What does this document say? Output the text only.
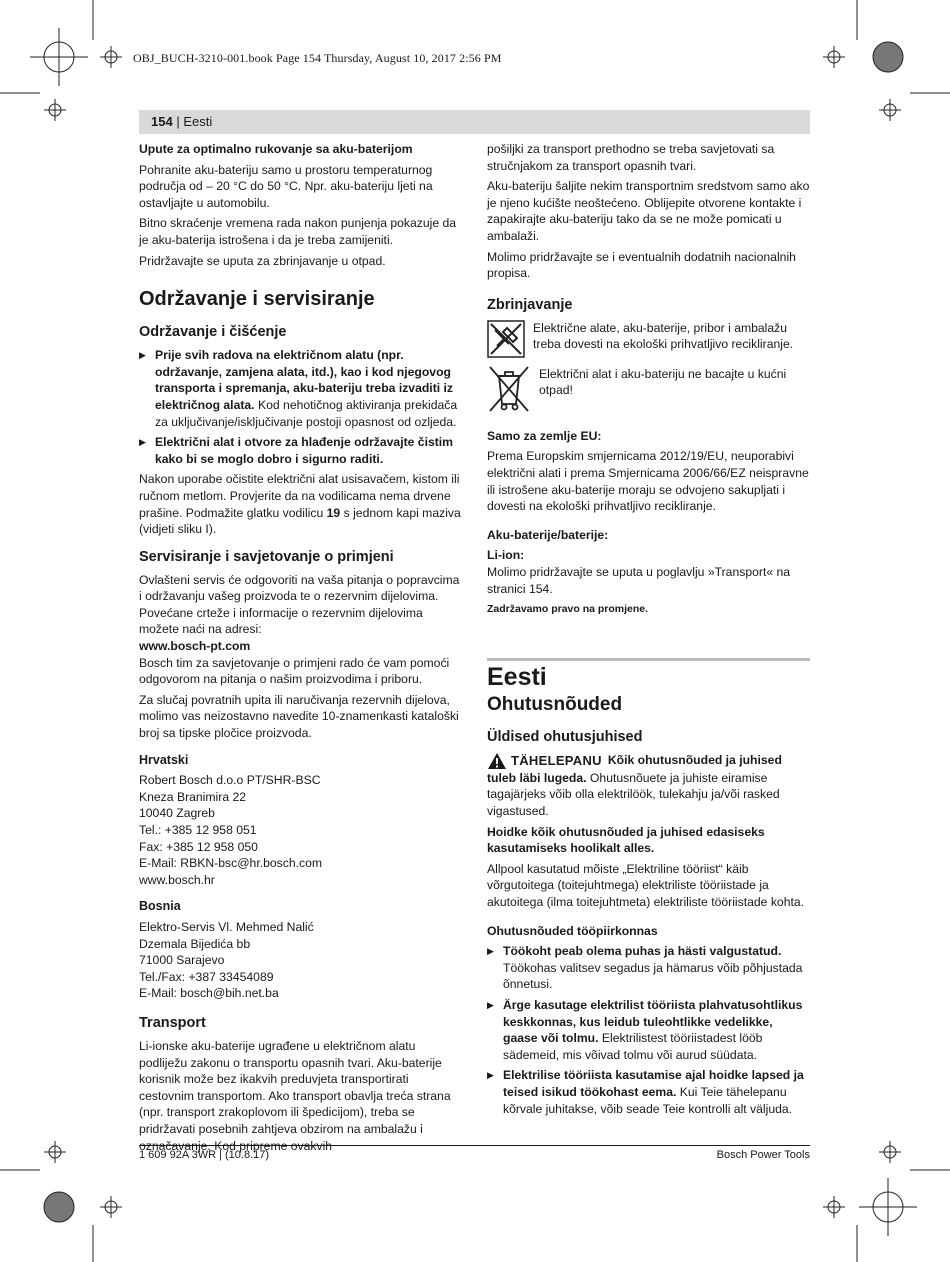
OBJ_BUCH-3210-001.book Page 154 Thursday, August 10, 2017 2:56 PM
154 | Eesti

Upute za optimalno rukovanje sa aku-baterijom

Pohranite aku-bateriju samo u prostoru temperaturnog područja od – 20 °C do 50 °C. Npr. aku-bateriju ljeti na ostavljajte u automobilu.

Bitno skraćenje vremena rada nakon punjenja pokazuje da je aku-baterija istrošena i da je treba zamijeniti.

Pridržavajte se uputa za zbrinjavanje u otpad.

Održavanje i servisiranje
Održavanje i čišćenje

▶ Prije svih radova na električnom alatu (npr. održavanje, zamjena alata, itd.), kao i kod njegovog transporta i spremanja, aku-bateriju treba izvaditi iz električnog alata. Kod nehotičnog aktiviranja prekidača za uključivanje/isključivanje postoji opasnost od ozljeda.

▶ Električni alat i otvore za hlađenje održavajte čistim kako bi se moglo dobro i sigurno raditi.

Nakon uporabe očistite električni alat usisavačem, kistom ili ručnom metlom. Provjerite da na vodilicama nema drvene prašine. Podmažite glatku vodilicu 19 s jednom kapi maziva (vidjeti sliku I).

Servisiranje i savjetovanje o primjeni

Ovlašteni servis će odgovoriti na vaša pitanja o popravcima i održavanju vašeg proizvoda te o rezervnim dijelovima. Povećane crteže i informacije o rezervnim dijelovima možete naći na adresi:

www.bosch-pt.com

Bosch tim za savjetovanje o primjeni rado će vam pomoći odgovorom na pitanja o našim proizvodima i priboru.

Za slučaj povratnih upita ili naručivanja rezervnih dijelova, molimo vas neizostavno navedite 10-znamenkasti kataloški broj sa tipske pločice proizvoda.

Hrvatski
Robert Bosch d.o.o PT/SHR-BSC
Kneza Branimira 22
10040 Zagreb
Tel.: +385 12 958 051
Fax: +385 12 958 050
E-Mail: RBKN-bsc@hr.bosch.com
www.bosch.hr
Bosnia
Elektro-Servis Vl. Mehmed Nalić
Dzemala Bijedića bb
71000 Sarajevo
Tel./Fax: +387 33454089
E-Mail: bosch@bih.net.ba
Transport

Li-ionske aku-baterije ugrađene u električnom alatu podliježu zakonu o transportu opasnih tvari. Aku-baterije korisnik može bez ikakvih preduvjeta transportirati cestovnim transportom. Ako transport obavlja treća strana (npr. transport zrakoplovom ili špedicijom), treba se pridržavati posebnih zahtjeva obzirom na ambalažu i označavanje. Kod pripreme ovakvih

pošiljki za transport prethodno se treba savjetovati sa stručnjakom za transport opasnih tvari.

Aku-bateriju šaljite nekim transportnim sredstvom samo ako je njeno kućište neoštećeno. Oblijepite otvorene kontakte i zapakirajte aku-bateriju tako da se ne može pomicati u ambalaži.

Molimo pridržavajte se i eventualnih dodatnih nacionalnih propisa.

Zbrinjavanje
Električne alate, aku-baterije, pribor i ambalažu treba dovesti na ekološki prihvatljivo recikliranje.
Električni alat i aku-bateriju ne bacajte u kućni otpad!

Samo za zemlje EU:

Prema Europskim smjernicama 2012/19/EU, neuporabivi električni alati i prema Smjernicama 2006/66/EZ neispravne ili istrošene aku-baterije moraju se odvojeno sakupljati i dovesti na ekološki prihvatljivo recikliranje.

Aku-baterije/baterije:

Li-ion:

Molimo pridržavajte se uputa u poglavlju »Transport« na stranici 154.

Zadržavamo pravo na promjene.

Eesti
Ohutusnõuded
Üldised ohutusjuhised

TÄHELEPANU Kõik ohutusnõuded ja juhised tuleb läbi lugeda. Ohutusnõuete ja juhiste eiramise tagajärjeks võib olla elektrilöök, tulekahju ja/või rasked vigastused.

Hoidke kõik ohutusnõuded ja juhised edasiseks kasutamiseks hoolikalt alles.

Allpool kasutatud mõiste „Elektriline tööriist“ käib võrgutoitega (toitejuhtmega) elektriliste tööriistade ja akutoitega (ilma toitejuhtmeta) elektriliste tööriistade kohta.

Ohutusnõuded tööpiirkonnas

▶ Töökoht peab olema puhas ja hästi valgustatud. Töökohas valitsev segadus ja hämarus võib põhjustada õnnetusi.

▶ Ärge kasutage elektrilist tööriista plahvatusohtlikus keskkonnas, kus leidub tuleohtlikke vedelikke, gaase või tolmu. Elektrilistest tööriistadest lööb sädemeid, mis võivad tolmu või aurud süüdata.

▶ Elektrilise tööriista kasutamise ajal hoidke lapsed ja teised isikud töökohast eema. Kui Teie tähelepanu kõrvale juhitakse, võib seade Teie kontrolli alt väljuda.

1 609 92A 3WR | (10.8.17)	Bosch Power Tools
